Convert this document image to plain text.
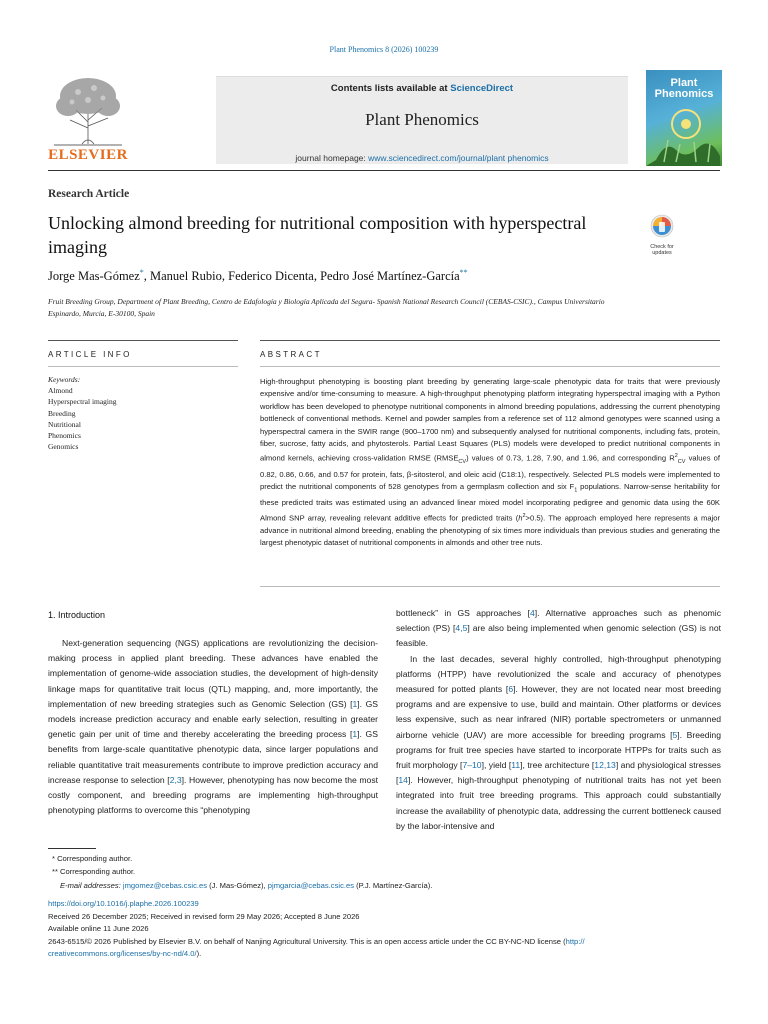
Plant Phenomics 8 (2026) 100239
ELSEVIER
Contents lists available at ScienceDirect
Plant Phenomics
journal homepage: www.sciencedirect.com/journal/plant phenomics
Plant
Phenomics
Research Article
Unlocking almond breeding for nutritional composition with hyperspectral imaging	Check for
updates
Jorge Mas-Gómez*, Manuel Rubio, Federico Dicenta, Pedro José Martínez-García**
Fruit Breeding Group, Department of Plant Breeding, Centro de Edafología y Biología Aplicada del Segura- Spanish National Research Council (CEBAS-CSIC)., Campus Universitario Espinardo, Murcia, E-30100, Spain
ARTICLE INFO	ABSTRACT
Keywords:
Almond
Hyperspectral imaging
Breeding
Nutritional
Phenomics
Genomics
High-throughput phenotyping is boosting plant breeding by generating large-scale phenotypic data for traits that were previously expensive and/or time-consuming to measure. A high-throughput phenotyping platform integrating hyperspectral imaging with a Python workflow has been developed to phenotype nutritional components in almond breeding populations, addressing the current phenotyping bottleneck of conventional methods. Kernel and powder samples from a reference set of 112 almond genotypes were scanned using a hyperspectral camera in the SWIR range (900–1700 nm) and subsequently analysed for nutritional components, including fats, protein, fiber, sucrose, fatty acids, and phytosterols. Partial Least Squares (PLS) models were developed to predict nutritional components in almond kernels, achieving cross-validation RMSE $(RMSE_{CV})$ values of 0.73, 1.28, 7.90, and 1.96, and corresponding $R^2_{CV}$ values of 0.82, 0.86, 0.66, and 0.57 for protein, fats, β-sitosterol, and oleic acid (C18:1), respectively. Selected PLS models were implemented to predict the nutritional components of 528 genotypes from a germplasm collection and six $F_1$ populations. Narrow-sense heritability for these predicted traits was estimated using an advanced linear mixed model incorporating pedigree and genomic data using the 60K Almond SNP array, revealing relevant additive effects for predicted traits $(h^2>0.5)$. The approach employed here represents a major advance in nutritional almond breeding, enabling the phenotyping of six times more individuals than previous studies and generating the largest phenotypic dataset of nutritional components in almonds and other tree nuts.
1. Introduction

Next-generation sequencing (NGS) applications are revolutionizing the decision-making process in applied plant breeding. These advances have enabled the implementation of genome-wide association studies, the development of high-density linkage maps for quantitative trait locus (QTL) mapping, and, more importantly, the implementation of new breeding strategies such as Genomic Selection (GS) [1]. GS models increase prediction accuracy and enable early selection, resulting in greater genetic gain per unit of time and thereby accelerating the breeding process [1]. GS benefits from large-scale quantitative phenotypic data, since larger populations and reliable quantitative trait measurements contribute to improve prediction accuracy and increase response to selection [2,3]. However, phenotyping has now become the most costly component, and breeding programs are implementing high-throughput phenotyping platforms to overcome this “phenotyping

bottleneck” in GS approaches [4]. Alternative approaches such as phenomic selection (PS) [4,5] are also being implemented when genomic selection (GS) is not feasible.

In the last decades, several highly controlled, high-throughput phenotyping platforms (HTPP) have revolutionized the scale and accuracy of phenotypes measured for potted plants [6]. However, they are not located near most breeding programs and are expensive to use, build and maintain. Other platforms or devices less expensive, such as near infrared (NIR) portable spectrometers or unmanned airborne vehicle (UAV) are more accessible for breeding programs [5]. Breeding programs for fruit tree species have started to incorporate HTPPs for traits such as fruit morphology [7–10], yield [11], tree architecture [12,13] and physiological stresses [14]. However, high-throughput phenotyping of nutritional traits has not yet been integrated into fruit tree breeding programs. This approach could substantially increase the availability of phenotypic data, addressing the current bottleneck caused by the labor-intensive and

* Corresponding author.
** Corresponding author.
E-mail addresses: jmgomez@cebas.csic.es (J. Mas-Gómez), pjmgarcia@cebas.csic.es (P.J. Martínez-García).
https://doi.org/10.1016/j.plaphe.2026.100239
Received 26 December 2025; Received in revised form 29 May 2026; Accepted 8 June 2026
Available online 11 June 2026
2643-6515/© 2026 Published by Elsevier B.V. on behalf of Nanjing Agricultural University. This is an open access article under the CC BY-NC-ND license (http://
creativecommons.org/licenses/by-nc-nd/4.0/).
